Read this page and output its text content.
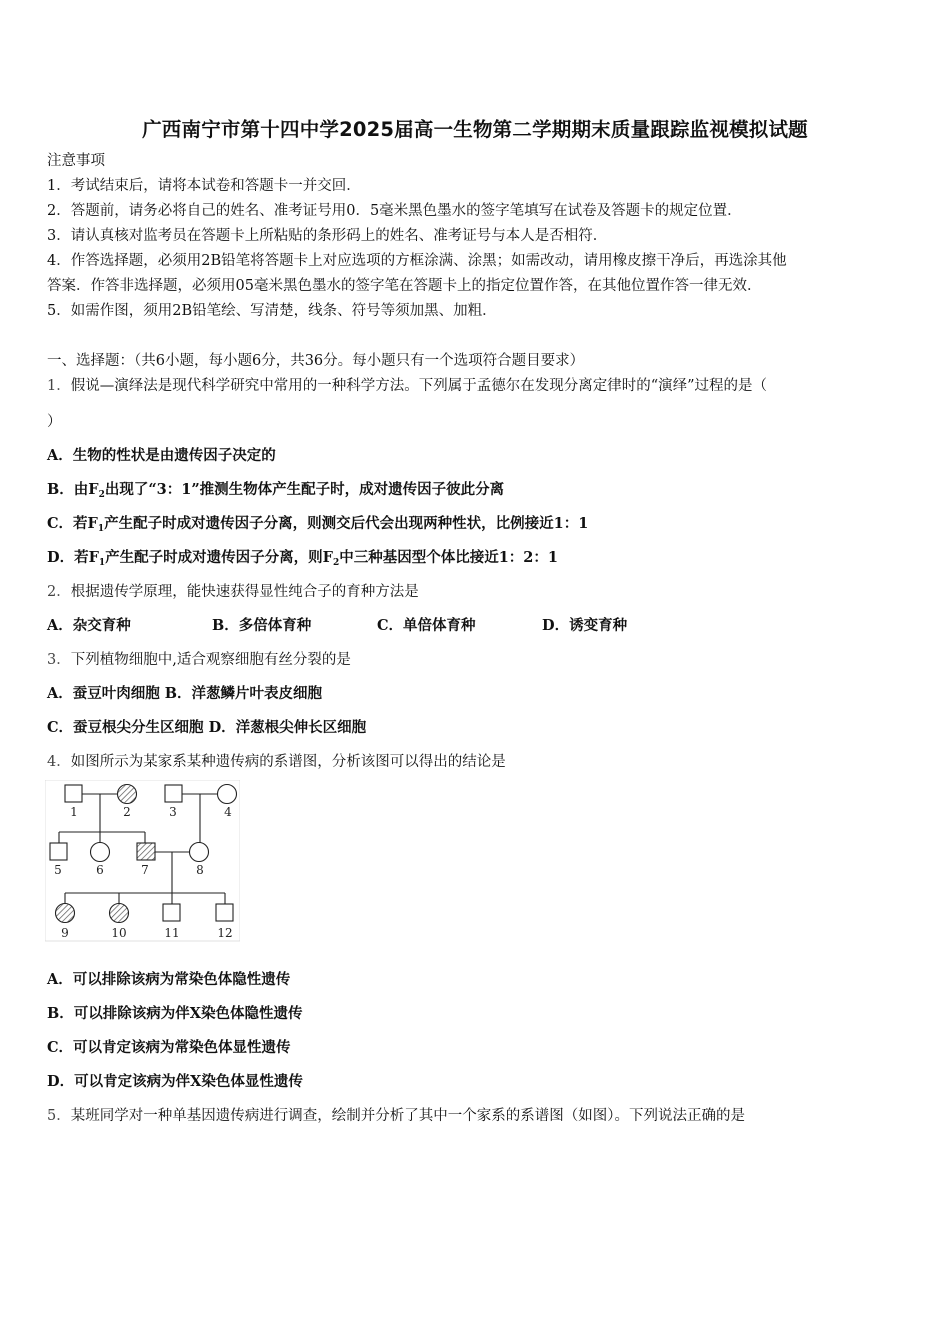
广西南宁市第十四中学2025届高一生物第二学期期末质量跟踪监视模拟试题
注意事项
1．考试结束后，请将本试卷和答题卡一并交回．
2．答题前，请务必将自己的姓名、准考证号用0．5毫米黑色墨水的签字笔填写在试卷及答题卡的规定位置．
3．请认真核对监考员在答题卡上所粘贴的条形码上的姓名、准考证号与本人是否相符．
4．作答选择题，必须用2B铅笔将答题卡上对应选项的方框涂满、涂黑；如需改动，请用橡皮擦干净后，再选涂其他
答案．作答非选择题，必须用05毫米黑色墨水的签字笔在答题卡上的指定位置作答，在其他位置作答一律无效．
5．如需作图，须用2B铅笔绘、写清楚，线条、符号等须加黑、加粗．
一、选择题：（共6小题，每小题6分，共36分。每小题只有一个选项符合题目要求）
1．假说—演绎法是现代科学研究中常用的一种科学方法。下列属于孟德尔在发现分离定律时的“演绎”过程的是（
）
A．生物的性状是由遗传因子决定的
B．由$F_2$出现了“3：1”推测生物体产生配子时，成对遗传因子彼此分离
C．若$F_1$产生配子时成对遗传因子分离，则测交后代会出现两种性状，比例接近1：1
D．若$F_1$产生配子时成对遗传因子分离，则$F_2$中三种基因型个体比接近1：2：1
2．根据遗传学原理，能快速获得显性纯合子的育种方法是
A．杂交育种	B．多倍体育种	C．单倍体育种	D．诱变育种
3．下列植物细胞中,适合观察细胞有丝分裂的是
A．蚕豆叶肉细胞 B．洋葱鳞片叶表皮细胞
C．蚕豆根尖分生区细胞 D．洋葱根尖伸长区细胞
4．如图所示为某家系某种遗传病的系谱图，分析该图可以得出的结论是
1	2	3	4
5	6	7	8
9	10	11	12
A．可以排除该病为常染色体隐性遗传
B．可以排除该病为伴X染色体隐性遗传
C．可以肯定该病为常染色体显性遗传
D．可以肯定该病为伴X染色体显性遗传
5．某班同学对一种单基因遗传病进行调查，绘制并分析了其中一个家系的系谱图（如图）。下列说法正确的是
